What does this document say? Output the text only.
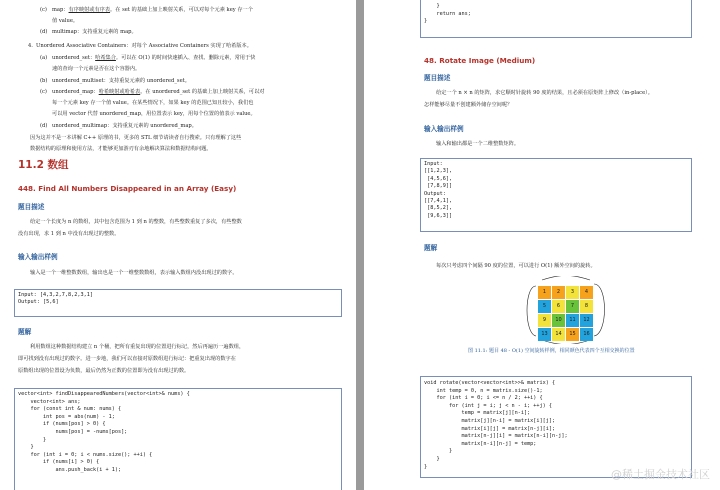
(c) map：有序映射或有序表。在 set 的基础上加上映射关系，可以对每个元素 key 存一个
值 value。
(d) multimap：支持重复元素的 map。
4. Unordered Associative Containers：对每个 Associative Containers 实现了哈希版本。
(a) unordered_set：哈希集合。可以在 O(1) 的时间快速插入、查找、删除元素，常用于快
速的查询一个元素是否在这个容器内。
(b) unordered_multiset：支持重复元素的 unordered_set。
(c) unordered_map：哈希映射或哈希表。在 unordered_set 的基础上加上映射关系，可以对
每一个元素 key 存一个值 value。在某些情况下，如果 key 的范围已知且较小，我们也
可以用 vector 代替 unordered_map，用位置表示 key，用每个位置的值表示 value。
(d) unordered_multimap：支持重复元素的 unordered_map。
因为这并不是一本讲解 C++ 原理的书，更多的 STL 细节请读者自行搜索。只有理解了这些
数据结构的原理和使用方法，才能够更加游刃有余地解决算法和数据结构问题。
11.2 数组
448. Find All Numbers Disappeared in an Array (Easy)
题目描述
给定一个长度为 n 的数组，其中包含范围为 1 到 n 的整数，有些整数重复了多次，有些整数
没有出现，求 1 到 n 中没有出现过的整数。
输入输出样例
输入是一个一维整数数组，输出也是一个一维整数数组，表示输入数组内没出现过的数字。
Input: [4,3,2,7,8,2,3,1]
Output: [5,6]
题解
利用数组这种数据结构建立 n 个桶，把所有重复出现的位置进行标记，然后再遍历一遍数组，
即可找到没有出现过的数字。进一步地，我们可以直接对原数组进行标记：把重复出现的数字在
原数组出现的位置设为负数，最后仍然为正数的位置即为没有出现过的数。
vector<int> findDisappearedNumbers(vector<int>& nums) {
vector<int> ans;
for (const int & num: nums) {
int pos = abs(num) - 1;
if (nums[pos] > 0) {
nums[pos] = -nums[pos];
}
}
for (int i = 0; i < nums.size(); ++i) {
if (nums[i] > 0) {
ans.push_back(i + 1);
}
return ans;
}
48. Rotate Image (Medium)
题目描述
给定一个 n × n 的矩阵，求它顺时针旋转 90 度的结果，且必须在原矩阵上修改（in-place）。
怎样能够尽量不创建额外储存空间呢？
输入输出样例
输入和输出都是一个二维整数矩阵。
Input:
[[1,2,3],
[4,5,6],
[7,8,9]]
Output:
[[7,4,1],
[8,5,2],
[9,6,3]]
题解
每次只考虑四个间隔 90 度的位置，可以进行 O(1) 额外空间的旋转。
1	2	3	4
5	6	7	8
9	10	11	12
13	14	15	16
图 11.1: 题目 48 - O(1) 空间旋转样例，相同颜色代表四个互相交换的位置
void rotate(vector<vector<int>>& matrix) {
int temp = 0, n = matrix.size()-1;
for (int i = 0; i <= n / 2; ++i) {
for (int j = i; j < n - i; ++j) {
temp = matrix[j][n-i];
matrix[j][n-i] = matrix[i][j];
matrix[i][j] = matrix[n-j][i];
matrix[n-j][i] = matrix[n-i][n-j];
matrix[n-i][n-j] = temp;
}
}
}
@稀土掘金技术社区
